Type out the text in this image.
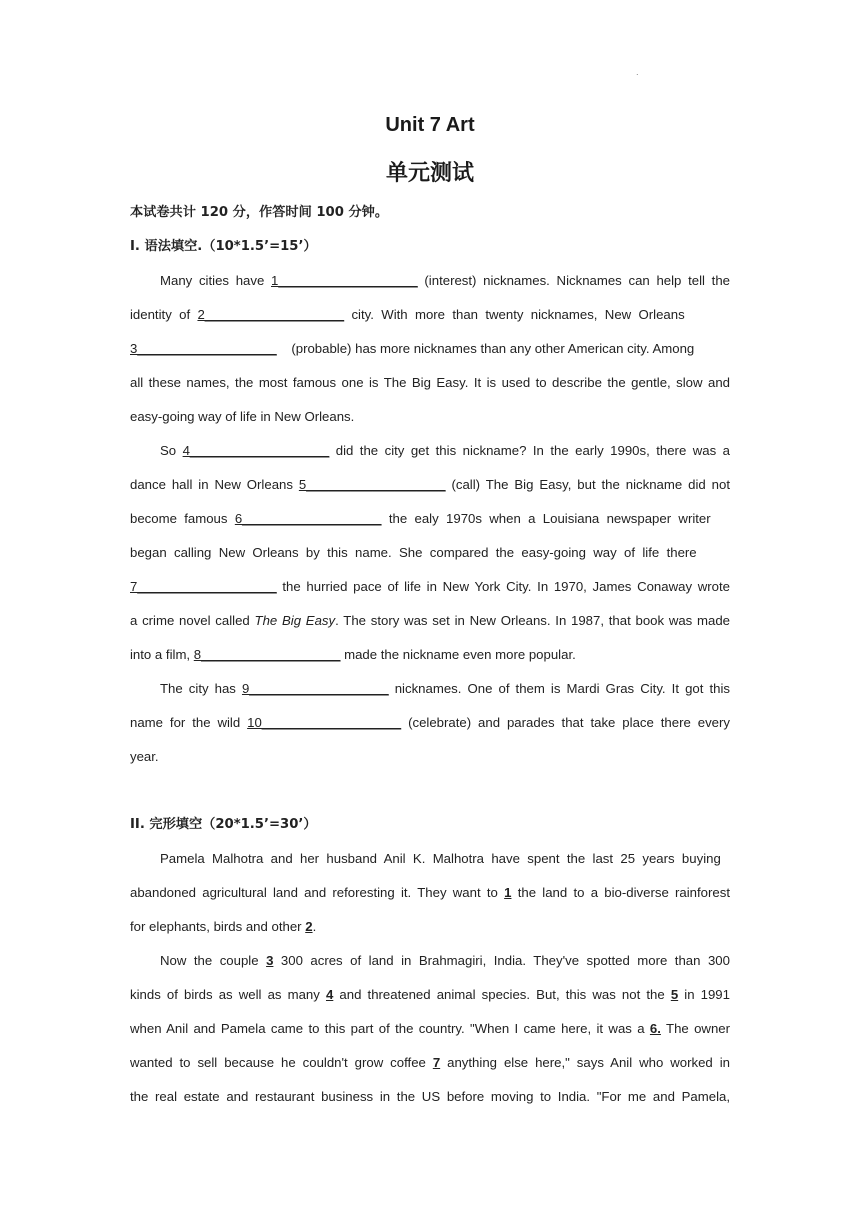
.
Unit 7 Art
单元测试
本试卷共计 120 分，作答时间 100 分钟。
I. 语法填空.（10*1.5’=15’）
Many cities have 1___________________ (interest) nicknames. Nicknames can help tell the
identity  of  2___________________  city.  With  more  than  twenty  nicknames,  New  Orleans
3___________________    (probable) has more nicknames than any other American city. Among
all these names, the most famous one is The Big Easy. It is used to describe the gentle, slow and
easy-going way of life in New Orleans.
So 4___________________ did the city get this nickname? In the early 1990s, there was a
dance hall in New Orleans 5___________________ (call) The Big Easy, but the nickname did not
become  famous  6___________________  the  ealy  1970s  when  a  Louisiana  newspaper  writer
began  calling  New  Orleans  by  this  name.  She  compared  the  easy-going  way  of  life  there
7___________________ the hurried pace of life in New York City. In 1970, James Conaway wrote
a crime novel called The Big Easy. The story was set in New Orleans. In 1987, that book was made
into a film, 8___________________ made the nickname even more popular.
The city has 9___________________ nicknames. One of them is Mardi Gras City. It got this
name for the wild 10___________________ (celebrate) and parades that take place there every
year.
II. 完形填空（20*1.5’=30’）
Pamela  Malhotra  and  her  husband  Anil  K.  Malhotra  have  spent  the  last  25  years  buying
abandoned agricultural land and reforesting it. They want to 1 the land to a bio-diverse rainforest
for elephants, birds and other 2.
Now the couple 3 300 acres of land in Brahmagiri, India. They've spotted more than 300
kinds of birds as well as many 4 and threatened animal species. But, this was not the 5 in 1991
when Anil and Pamela came to this part of the country. "When I came here, it was a 6. The owner
wanted to sell because he couldn't grow coffee 7 anything else here," says Anil who worked in
the real estate and restaurant business in the US before moving to India. "For me and Pamela,
